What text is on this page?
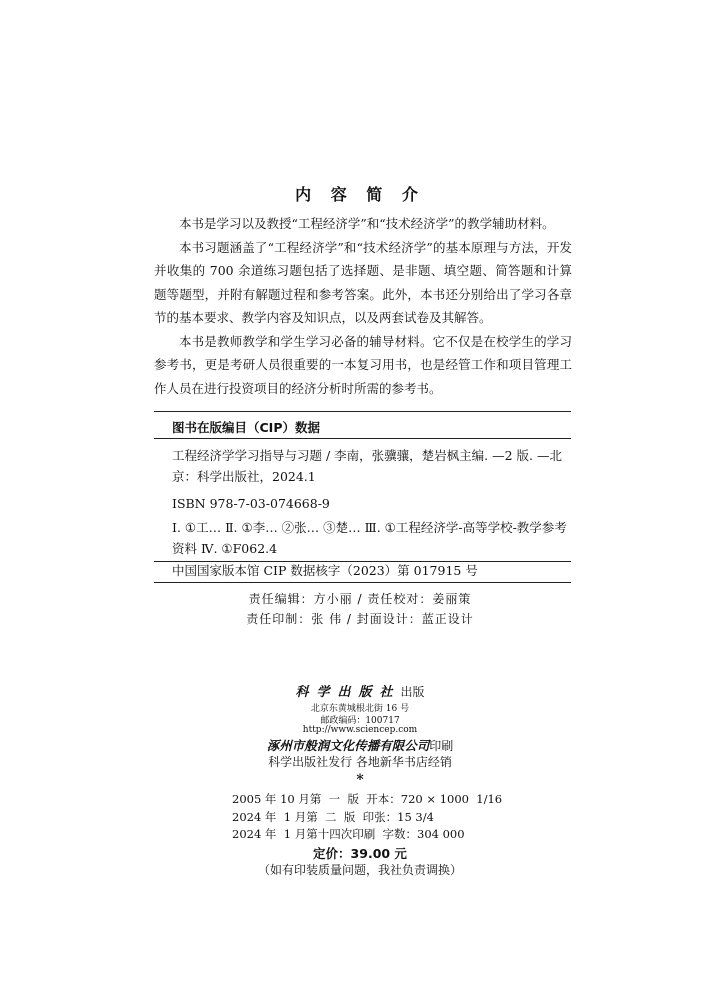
内 容 简 介

本书是学习以及教授“工程经济学”和“技术经济学”的教学辅助材料。

本书习题涵盖了“工程经济学”和“技术经济学”的基本原理与方法，开发并收集的 700 余道练习题包括了选择题、是非题、填空题、简答题和计算题等题型，并附有解题过程和参考答案。此外，本书还分别给出了学习各章节的基本要求、教学内容及知识点，以及两套试卷及其解答。

本书是教师教学和学生学习必备的辅导材料。它不仅是在校学生的学习参考书，更是考研人员很重要的一本复习用书，也是经管工作和项目管理工作人员在进行投资项目的经济分析时所需的参考书。

图书在版编目（CIP）数据
工程经济学学习指导与习题 / 李南，张骥骧，楚岩枫主编. —2 版. —北京：科学出版社，2024.1
ISBN 978-7-03-074668-9
Ⅰ. ①工… Ⅱ. ①李… ②张… ③楚… Ⅲ. ①工程经济学-高等学校-教学参考资料 Ⅳ. ①F062.4
中国国家版本馆 CIP 数据核字（2023）第 017915 号
责任编辑：方小丽 / 责任校对：姜丽策
责任印制：张 伟 / 封面设计：蓝正设计
科学出版社出版
北京东黄城根北街 16 号
邮政编码：100717
http://www.sciencep.com
涿州市般润文化传播有限公司印刷
科学出版社发行 各地新华书店经销
*
2005 年 10 月第  一  版  开本：720 × 1000  1/16
2024 年  1 月第  二  版  印张：15 3/4
2024 年  1 月第十四次印刷  字数：304 000
定价：39.00 元
（如有印装质量问题，我社负责调换）
